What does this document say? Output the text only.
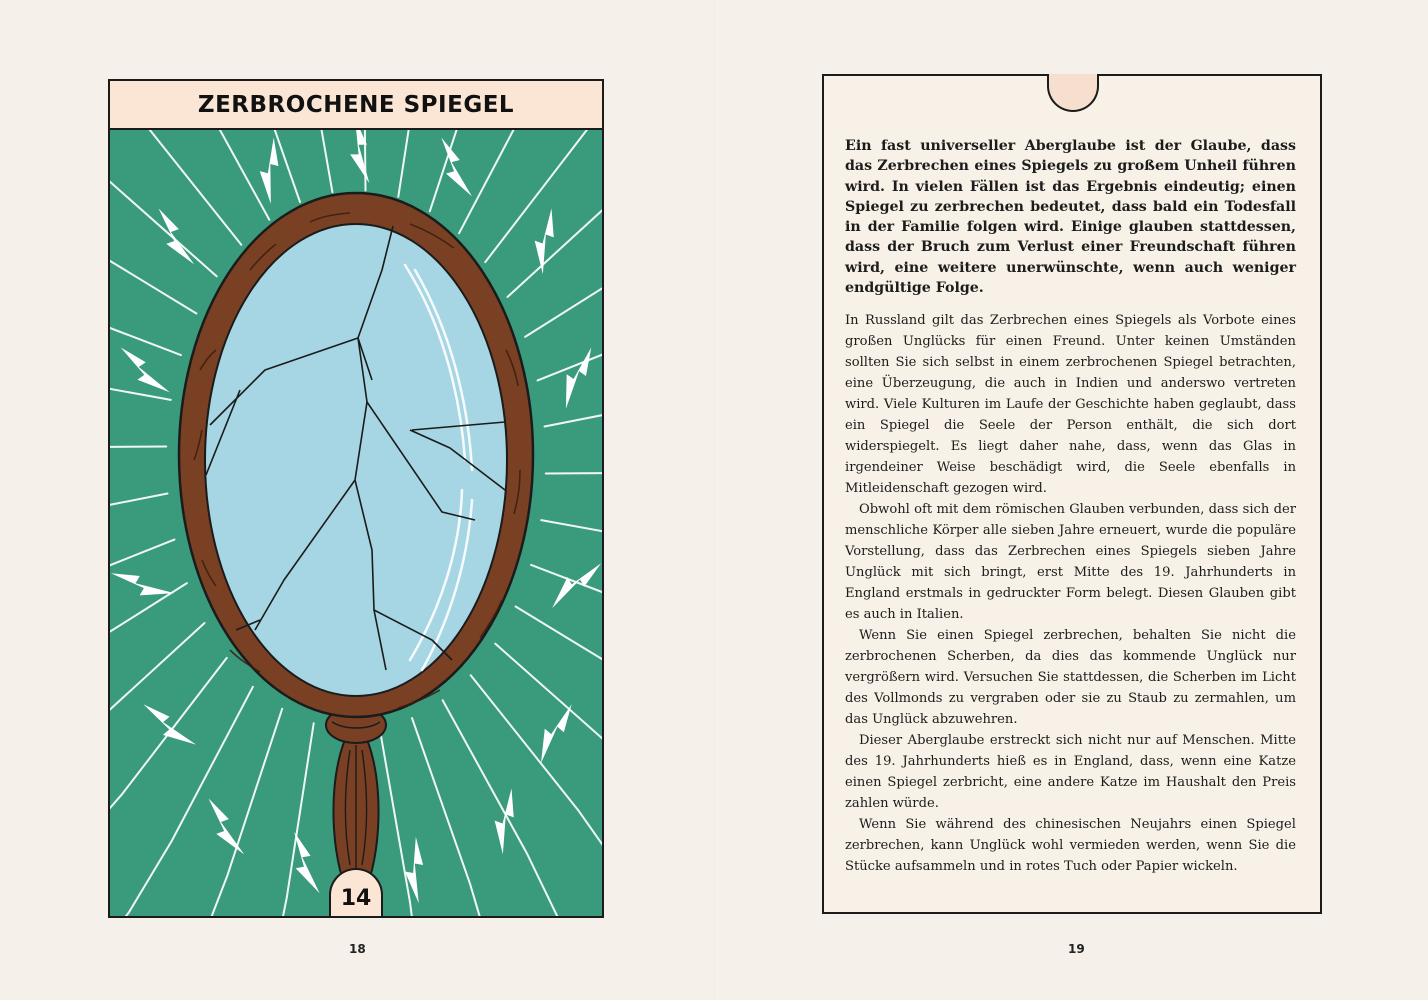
ZERBROCHENE SPIEGEL
14
18

Ein fast universeller Aberglaube ist der Glaube, dass das Zerbrechen eines Spiegels zu großem Unheil führen wird. In vielen Fällen ist das Ergebnis eindeutig; einen Spiegel zu zerbrechen bedeutet, dass bald ein Todesfall in der Familie folgen wird. Einige glauben stattdessen, dass der Bruch zum Verlust einer Freundschaft führen wird, eine weitere unerwünschte, wenn auch weniger endgültige Folge.

In Russland gilt das Zerbrechen eines Spiegels als Vorbote eines großen Unglücks für einen Freund. Unter keinen Umständen sollten Sie sich selbst in einem zerbrochenen Spiegel betrachten, eine Überzeugung, die auch in Indien und anderswo vertreten wird. Viele Kulturen im Laufe der Geschichte haben geglaubt, dass ein Spiegel die Seele der Person enthält, die sich dort widerspiegelt. Es liegt daher nahe, dass, wenn das Glas in irgendeiner Weise beschädigt wird, die Seele ebenfalls in Mitleidenschaft gezogen wird.

Obwohl oft mit dem römischen Glauben verbunden, dass sich der menschliche Körper alle sieben Jahre erneuert, wurde die populäre Vorstellung, dass das Zerbrechen eines Spiegels sieben Jahre Unglück mit sich bringt, erst Mitte des 19. Jahrhunderts in England erstmals in gedruckter Form belegt. Diesen Glauben gibt es auch in Italien.

Wenn Sie einen Spiegel zerbrechen, behalten Sie nicht die zerbrochenen Scherben, da dies das kommende Unglück nur vergrößern wird. Versuchen Sie stattdessen, die Scherben im Licht des Vollmonds zu vergraben oder sie zu Staub zu zermahlen, um das Unglück abzuwehren.

Dieser Aberglaube erstreckt sich nicht nur auf Menschen. Mitte des 19. Jahrhunderts hieß es in England, dass, wenn eine Katze einen Spiegel zerbricht, eine andere Katze im Haushalt den Preis zahlen würde.

Wenn Sie während des chinesischen Neujahrs einen Spiegel zerbrechen, kann Unglück wohl vermieden werden, wenn Sie die Stücke aufsammeln und in rotes Tuch oder Papier wickeln.

19
